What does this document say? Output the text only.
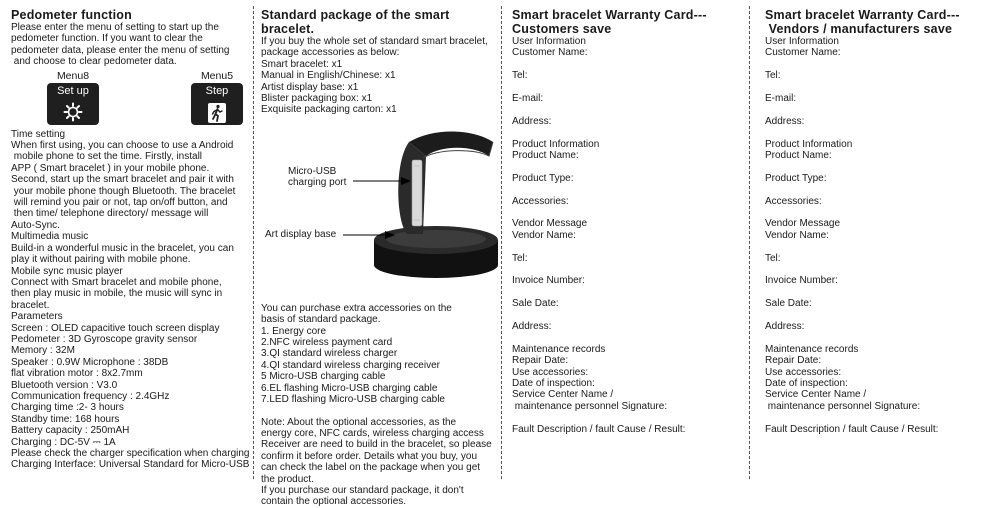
Pedometer function
Please enter the menu of setting to start up the
pedometer function. If you want to clear the
pedometer data, please enter the menu of setting
and choose to clear pedometer data.
Menu8
Set up
Menu5
Step
Time setting
When first using, you can choose to use a Android
mobile phone to set the time. Firstly, install
APP ( Smart bracelet ) in your mobile phone.
Second, start up the smart bracelet and pair it with
your mobile phone though Bluetooth. The bracelet
will remind you pair or not, tap on/off button, and
then time/ telephone directory/ message will
Auto-Sync.
Multimedia music
Build-in a wonderful music in the bracelet, you can
play it without pairing with mobile phone.
Mobile sync music player
Connect with Smart bracelet and mobile phone,
then play music in mobile, the music will sync in
bracelet.
Parameters
Screen : OLED capacitive touch screen display
Pedometer : 3D Gyroscope gravity sensor
Memory : 32M
Speaker : 0.9W Microphone : 38DB
flat vibration motor : 8x2.7mm
Bluetooth version : V3.0
Communication frequency : 2.4GHz
Charging time :2- 3 hours
Standby time: 168 hours
Battery capacity : 250mAH
Charging : DC-5V ⎓ 1A
Please check the charger specification when charging
Charging Interface: Universal Standard for Micro-USB
Standard package of the smart bracelet.
If you buy the whole set of standard smart bracelet,
package accessories as below:
Smart bracelet: x1
Manual in English/Chinese: x1
Artist display base: x1
Blister packaging box: x1
Exquisite packaging carton: x1
Micro-USB
charging port
Art display base
You can purchase extra accessories on the
basis of standard package.
1. Energy core
2.NFC wireless payment card
3.QI standard wireless charger
4.QI standard wireless charging receiver
5 Micro-USB charging cable
6.EL flashing Micro-USB charging cable
7.LED flashing Micro-USB charging cable
Note: About the optional accessories, as the
energy core, NFC cards, wireless charging access
Receiver are need to build in the bracelet, so please
confirm it before order. Details what you buy, you
can check the label on the package when you get
the product.
If you purchase our standard package, it don't
contain the optional accessories.
Smart bracelet Warranty Card---
Customers save
User Information
Customer Name:
Tel:
E-mail:
Address:
Product Information
Product Name:
Product Type:
Accessories:
Vendor Message
Vendor Name:
Tel:
Invoice Number:
Sale Date:
Address:
Maintenance records
Repair Date:
Use accessories:
Date of inspection:
Service Center Name /
maintenance personnel Signature:
Fault Description / fault Cause / Result:
Smart bracelet Warranty Card---
Vendors / manufacturers save
User Information
Customer Name:
Tel:
E-mail:
Address:
Product Information
Product Name:
Product Type:
Accessories:
Vendor Message
Vendor Name:
Tel:
Invoice Number:
Sale Date:
Address:
Maintenance records
Repair Date:
Use accessories:
Date of inspection:
Service Center Name /
maintenance personnel Signature:
Fault Description / fault Cause / Result:
